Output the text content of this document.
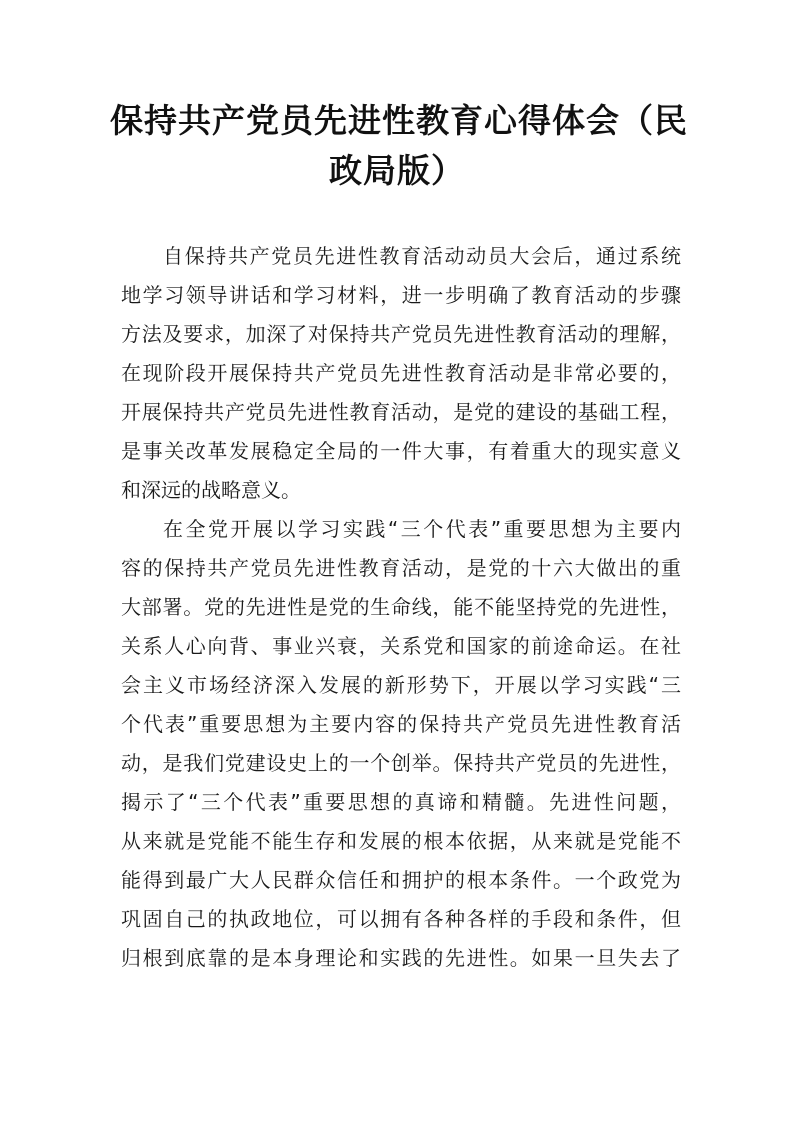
保持共产党员先进性教育心得体会（民
政局版）
自保持共产党员先进性教育活动动员大会后，通过系统
地学习领导讲话和学习材料，进一步明确了教育活动的步骤
方法及要求，加深了对保持共产党员先进性教育活动的理解，
在现阶段开展保持共产党员先进性教育活动是非常必要的，
开展保持共产党员先进性教育活动，是党的建设的基础工程，
是事关改革发展稳定全局的一件大事，有着重大的现实意义
和深远的战略意义。
在全党开展以学习实践“三个代表”重要思想为主要内
容的保持共产党员先进性教育活动，是党的十六大做出的重
大部署。党的先进性是党的生命线，能不能坚持党的先进性，
关系人心向背、事业兴衰，关系党和国家的前途命运。在社
会主义市场经济深入发展的新形势下，开展以学习实践“三
个代表”重要思想为主要内容的保持共产党员先进性教育活
动，是我们党建设史上的一个创举。保持共产党员的先进性，
揭示了“三个代表”重要思想的真谛和精髓。先进性问题，
从来就是党能不能生存和发展的根本依据，从来就是党能不
能得到最广大人民群众信任和拥护的根本条件。一个政党为
巩固自己的执政地位，可以拥有各种各样的手段和条件，但
归根到底靠的是本身理论和实践的先进性。如果一旦失去了
